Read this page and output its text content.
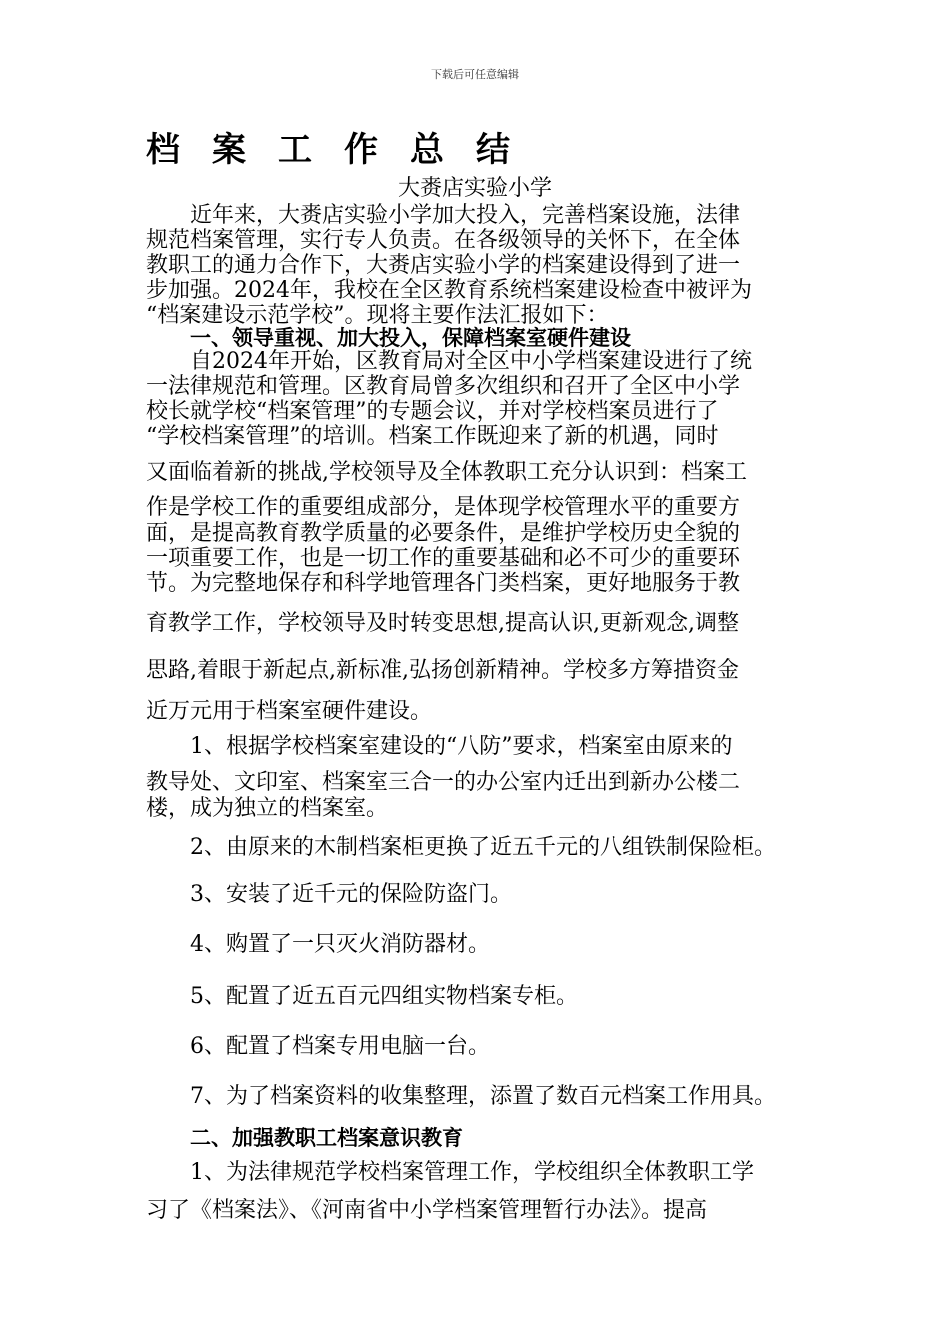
下载后可任意编辑
档案工作总结
大赉店实验小学
近年来，大赉店实验小学加大投入，完善档案设施，法律
规范档案管理，实行专人负责。在各级领导的关怀下，在全体
教职工的通力合作下，大赉店实验小学的档案建设得到了进一
步加强。2024年，我校在全区教育系统档案建设检查中被评为
“档案建设示范学校”。现将主要作法汇报如下：
一、领导重视、加大投入，保障档案室硬件建设
自2024年开始，区教育局对全区中小学档案建设进行了统
一法律规范和管理。区教育局曾多次组织和召开了全区中小学
校长就学校“档案管理”的专题会议，并对学校档案员进行了
“学校档案管理”的培训。档案工作既迎来了新的机遇，同时
又面临着新的挑战,学校领导及全体教职工充分认识到：档案工
作是学校工作的重要组成部分，是体现学校管理水平的重要方
面，是提高教育教学质量的必要条件，是维护学校历史全貌的
一项重要工作，也是一切工作的重要基础和必不可少的重要环
节。为完整地保存和科学地管理各门类档案，更好地服务于教
育教学工作，学校领导及时转变思想,提高认识,更新观念,调整
思路,着眼于新起点,新标准,弘扬创新精神。学校多方筹措资金
近万元用于档案室硬件建设。
1、根据学校档案室建设的“八防”要求，档案室由原来的
教导处、文印室、档案室三合一的办公室内迁出到新办公楼二
楼，成为独立的档案室。
2、由原来的木制档案柜更换了近五千元的八组铁制保险柜。
3、安装了近千元的保险防盗门。
4、购置了一只灭火消防器材。
5、配置了近五百元四组实物档案专柜。
6、配置了档案专用电脑一台。
7、为了档案资料的收集整理，添置了数百元档案工作用具。
二、加强教职工档案意识教育
1、为法律规范学校档案管理工作，学校组织全体教职工学
习了《档案法》、《河南省中小学档案管理暂行办法》。提高
